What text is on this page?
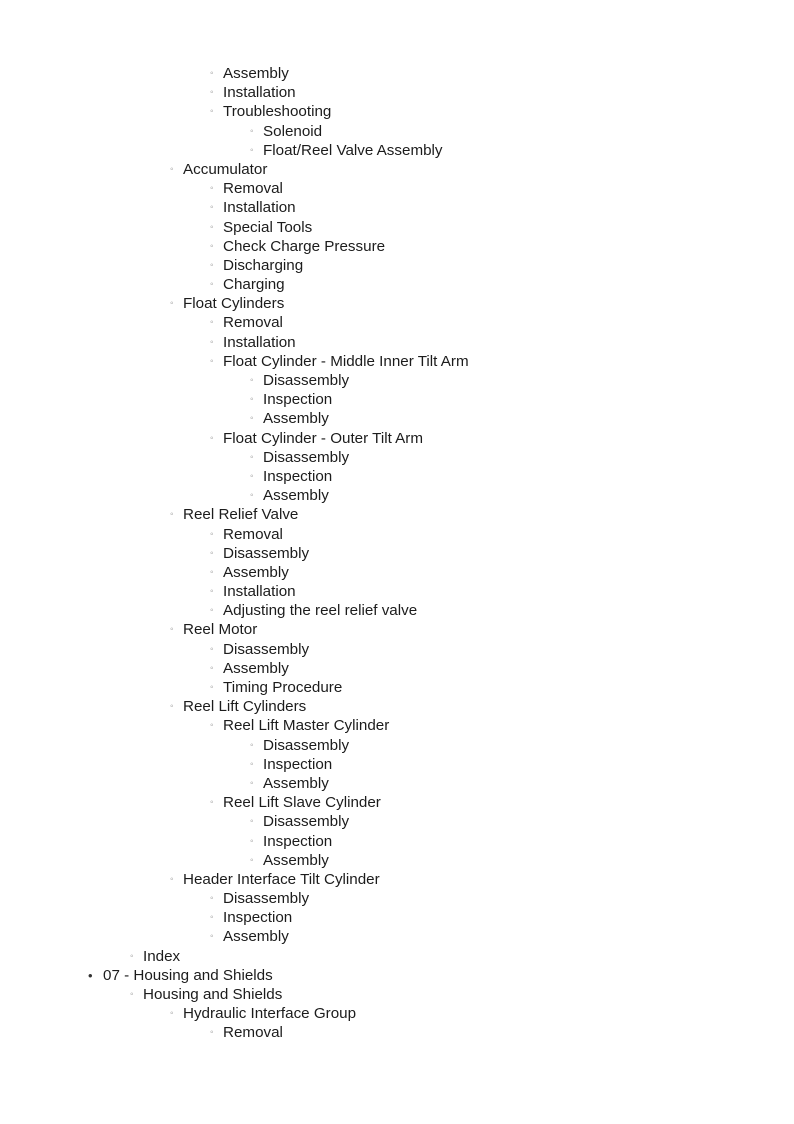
◦ Assembly
◦ Installation
◦ Troubleshooting
◦ Solenoid
◦ Float/Reel Valve Assembly
◦ Accumulator
◦ Removal
◦ Installation
◦ Special Tools
◦ Check Charge Pressure
◦ Discharging
◦ Charging
◦ Float Cylinders
◦ Removal
◦ Installation
◦ Float Cylinder - Middle Inner Tilt Arm
◦ Disassembly
◦ Inspection
◦ Assembly
◦ Float Cylinder - Outer Tilt Arm
◦ Disassembly
◦ Inspection
◦ Assembly
◦ Reel Relief Valve
◦ Removal
◦ Disassembly
◦ Assembly
◦ Installation
◦ Adjusting the reel relief valve
◦ Reel Motor
◦ Disassembly
◦ Assembly
◦ Timing Procedure
◦ Reel Lift Cylinders
◦ Reel Lift Master Cylinder
◦ Disassembly
◦ Inspection
◦ Assembly
◦ Reel Lift Slave Cylinder
◦ Disassembly
◦ Inspection
◦ Assembly
◦ Header Interface Tilt Cylinder
◦ Disassembly
◦ Inspection
◦ Assembly
◦ Index
• 07 - Housing and Shields
◦ Housing and Shields
◦ Hydraulic Interface Group
◦ Removal
